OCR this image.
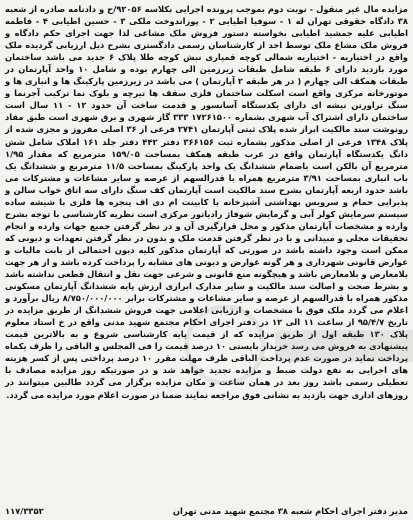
مزایده مال غیر منقول - نوبت دوم بموجب پرونده اجرایی بکلاسه ۹۲۰۵۶/ح و دادنامه صادره از شعبه ۳۸ دادگاه حقوقی تهران له ۱ - سوفیا اطیابی ۲ - پوراندوخت ملکی ۳ - حسین اطیابی ۴ - فاطمه اطیابی علیه جمشید اطیابی بخواسته دستور فروش ملک مشاعی لذا جهت اجرای حکم دادگاه و فروش ملک مشاع ملک توسط احد از کارشناسان رسمی دادگستری بشرح ذیل ارزیابی گردیده ملک واقع در اختیاریه - اختیاریه شمالی کوچه قمیاری نبش کوچه طلا پلاک ۶ جدید می باشد ساختمان مورد بازدید دارای ۶ طبقه شامل طبقات زیرزمین الی چهارم بوده و شامل ۱۰ واحد آپارتمان در طبقات همکف الی چهارم ( در هر طبقه ۲ آپارتمان ) می باشد در زیرزمین پارکینگ ها و انباری ها و موتورخانه مرکزی واقع است اسکلت ساختمان فلزی سقف ها تیرچه و بلوک نما ترکیب آجرنما و سنگ تراورتن نیشه ای دارای یکدستگاه آسانسور و قدمت ساخت آن حدود ۱۲ - ۱۱ سال است ساختمان دارای اشتراک آب شهری بشماره ۱۷۲۶۱۵۰۰ ۳۳۳ گاز شهری و برق شهری است طبق مفاد رونوشت سند مالکیت ابراز شده پلاک ثبتی آپارتمان ۲۷۴۱ فرعی از ۳۶ اصلی مفروز و مجزی شده از پلاک ۱۳۴۸ فرعی از اصلی مذکور بشماره ثبت ۳۶۶۱۵۶ دفتر ۴۴۲ دفتر جلد ۱۶۱ املاک شامل شش دانگ یکدستگاه آپارتمان واقع در عرب طبقه همکف بمساحت ۱۵۹/۰۵ مترمربع که مقدار ۱/۹۵ مترمربع آن بالکن است باضمام ششدانگ یک واحد پارکینگ بمساحت ۱۱/۵ مترمربع و ششدانگ یک باب انباری بمساحت ۳/۹۱ مترمربع همراه با قدرالسهم از عرصه و سایر مشاعات و مشترکات می باشد حدود اربعه آپارتمان بشرح سند مالکیت است آپارتمان کف سنگ دارای سه اتاق خواب سالن و پذیرایی حمام و سرویس بهداشتی آشپزخانه با کابینت ام دی اف پنجره ها فلزی با شیشه ساده سیستم سرمایش کولر آبی و گرمایش شوفاژ رادیاتور مرکزی است نظریه کارشناسی با توجه بشرح وارده و مشخصات آپارتمان مذکور و محل قرارگیری آن و در نظر گرفتن جمیع جهات وارده و انجام تحقیقات محلی و مبیدانی و با در نظر گرفتن قدمت ملک و بدون در نظر گرفتن تعهدات و دیونی که ممکن است وجود داشته باشد در صورتی که آپارتمان مذکور کلیه دیون احتمالی از بابت مالیات و عوارض قانونی شهرداری و هر گونه عوارض و دیونی های مشابه را پرداخت کرده باشد و از هر جهت بلامعارض و بلامعارض باشد و هیچگونه منع قانونی و شرعی جهت نقل و انتقال قطعی نداشته باشد و بشرط صحت و اصالت سند مالکیت و سایر مدارک ابرازی ارزش پایه ششدانگ آپارتمان مسکونی مذکور همراه با قدرالسهم از عرصه و سایر مشاعات و مشترکات برابر ۸/۷۵۰/۰۰۰/۰۰۰ ریال برآورد و اعلام می گردد ملک فوق با مشخصات و ارزیابی اعلامی جهت فروش ششدانگ از طریق مزایده در تاریخ ۹۵/۴/۷ از ساعت ۱۱ الی ۱۲ در دفتر اجرای احکام مجتمع شهید مدنی واقع در خ استاد معلوم پلاک ۱۳۰ طبقه اول از طریق مزایده که از قیمت پایه کارشناسی شروع و به بالاترین قیمت پیشنهادی به فروش می رسد خریدار بایستی ۱۰ درصد قیمت را فی المجلس و الباقی را ظرف یکماه پرداخت نماید در صورت عدم پرداخت الباقی ظرف مهلت مقرر ۱۰ درصد پرداختی پس از کسر هزینه های اجرایی به نفع دولت ضبط و مزایده تجدید خواهد شد و در صورتیکه روز مزایده مصادف با تعطیلی رسمی باشد روز بعد در همان ساعت و مکان مزایده برگزار می گردد طالبین میتوانند در روزهای اداری جهت بازدید به نشانی فوق مراجعه نمایند ضمنا در صورت اعلام مورد مزایده می گردد.

مدیر دفتر اجرای احکام شعبه ۳۸ مجتمع شهید مدنی تهران
۱۱۷/۳۳۵۲
